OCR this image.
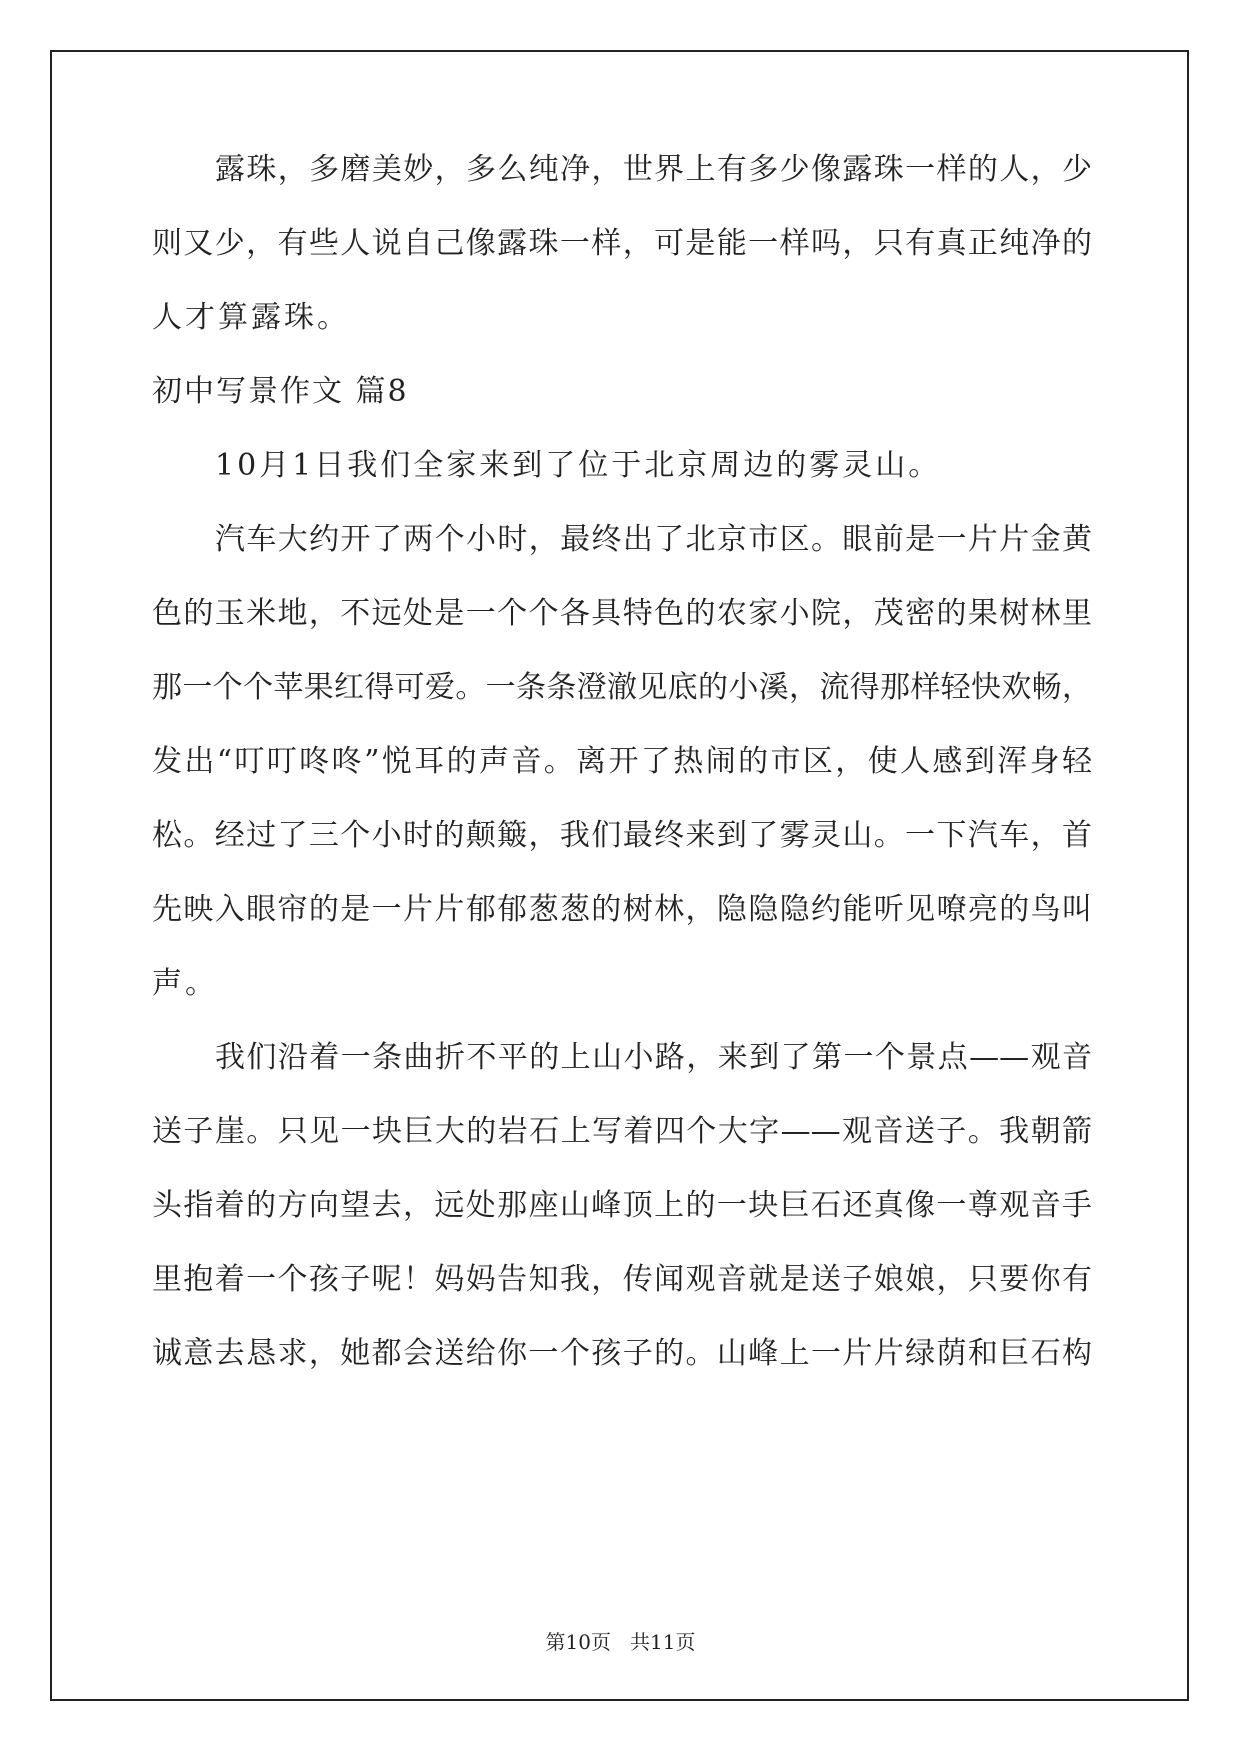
露珠，多磨美妙，多么纯净，世界上有多少像露珠一样的人，少
则又少，有些人说自己像露珠一样，可是能一样吗，只有真正纯净的
人才算露珠。
初中写景作文 篇8
10月1日我们全家来到了位于北京周边的雾灵山。
汽车大约开了两个小时，最终出了北京市区。眼前是一片片金黄
色的玉米地，不远处是一个个各具特色的农家小院，茂密的果树林里
那一个个苹果红得可爱。一条条澄澈见底的小溪，流得那样轻快欢畅，
发出“叮叮咚咚”悦耳的声音。离开了热闹的市区，使人感到浑身轻
松。经过了三个小时的颠簸，我们最终来到了雾灵山。一下汽车，首
先映入眼帘的是一片片郁郁葱葱的树林，隐隐隐约能听见嘹亮的鸟叫
声。
我们沿着一条曲折不平的上山小路，来到了第一个景点——观音
送子崖。只见一块巨大的岩石上写着四个大字——观音送子。我朝箭
头指着的方向望去，远处那座山峰顶上的一块巨石还真像一尊观音手
里抱着一个孩子呢！妈妈告知我，传闻观音就是送子娘娘，只要你有
诚意去恳求，她都会送给你一个孩子的。山峰上一片片绿荫和巨石构
第10页 共11页
